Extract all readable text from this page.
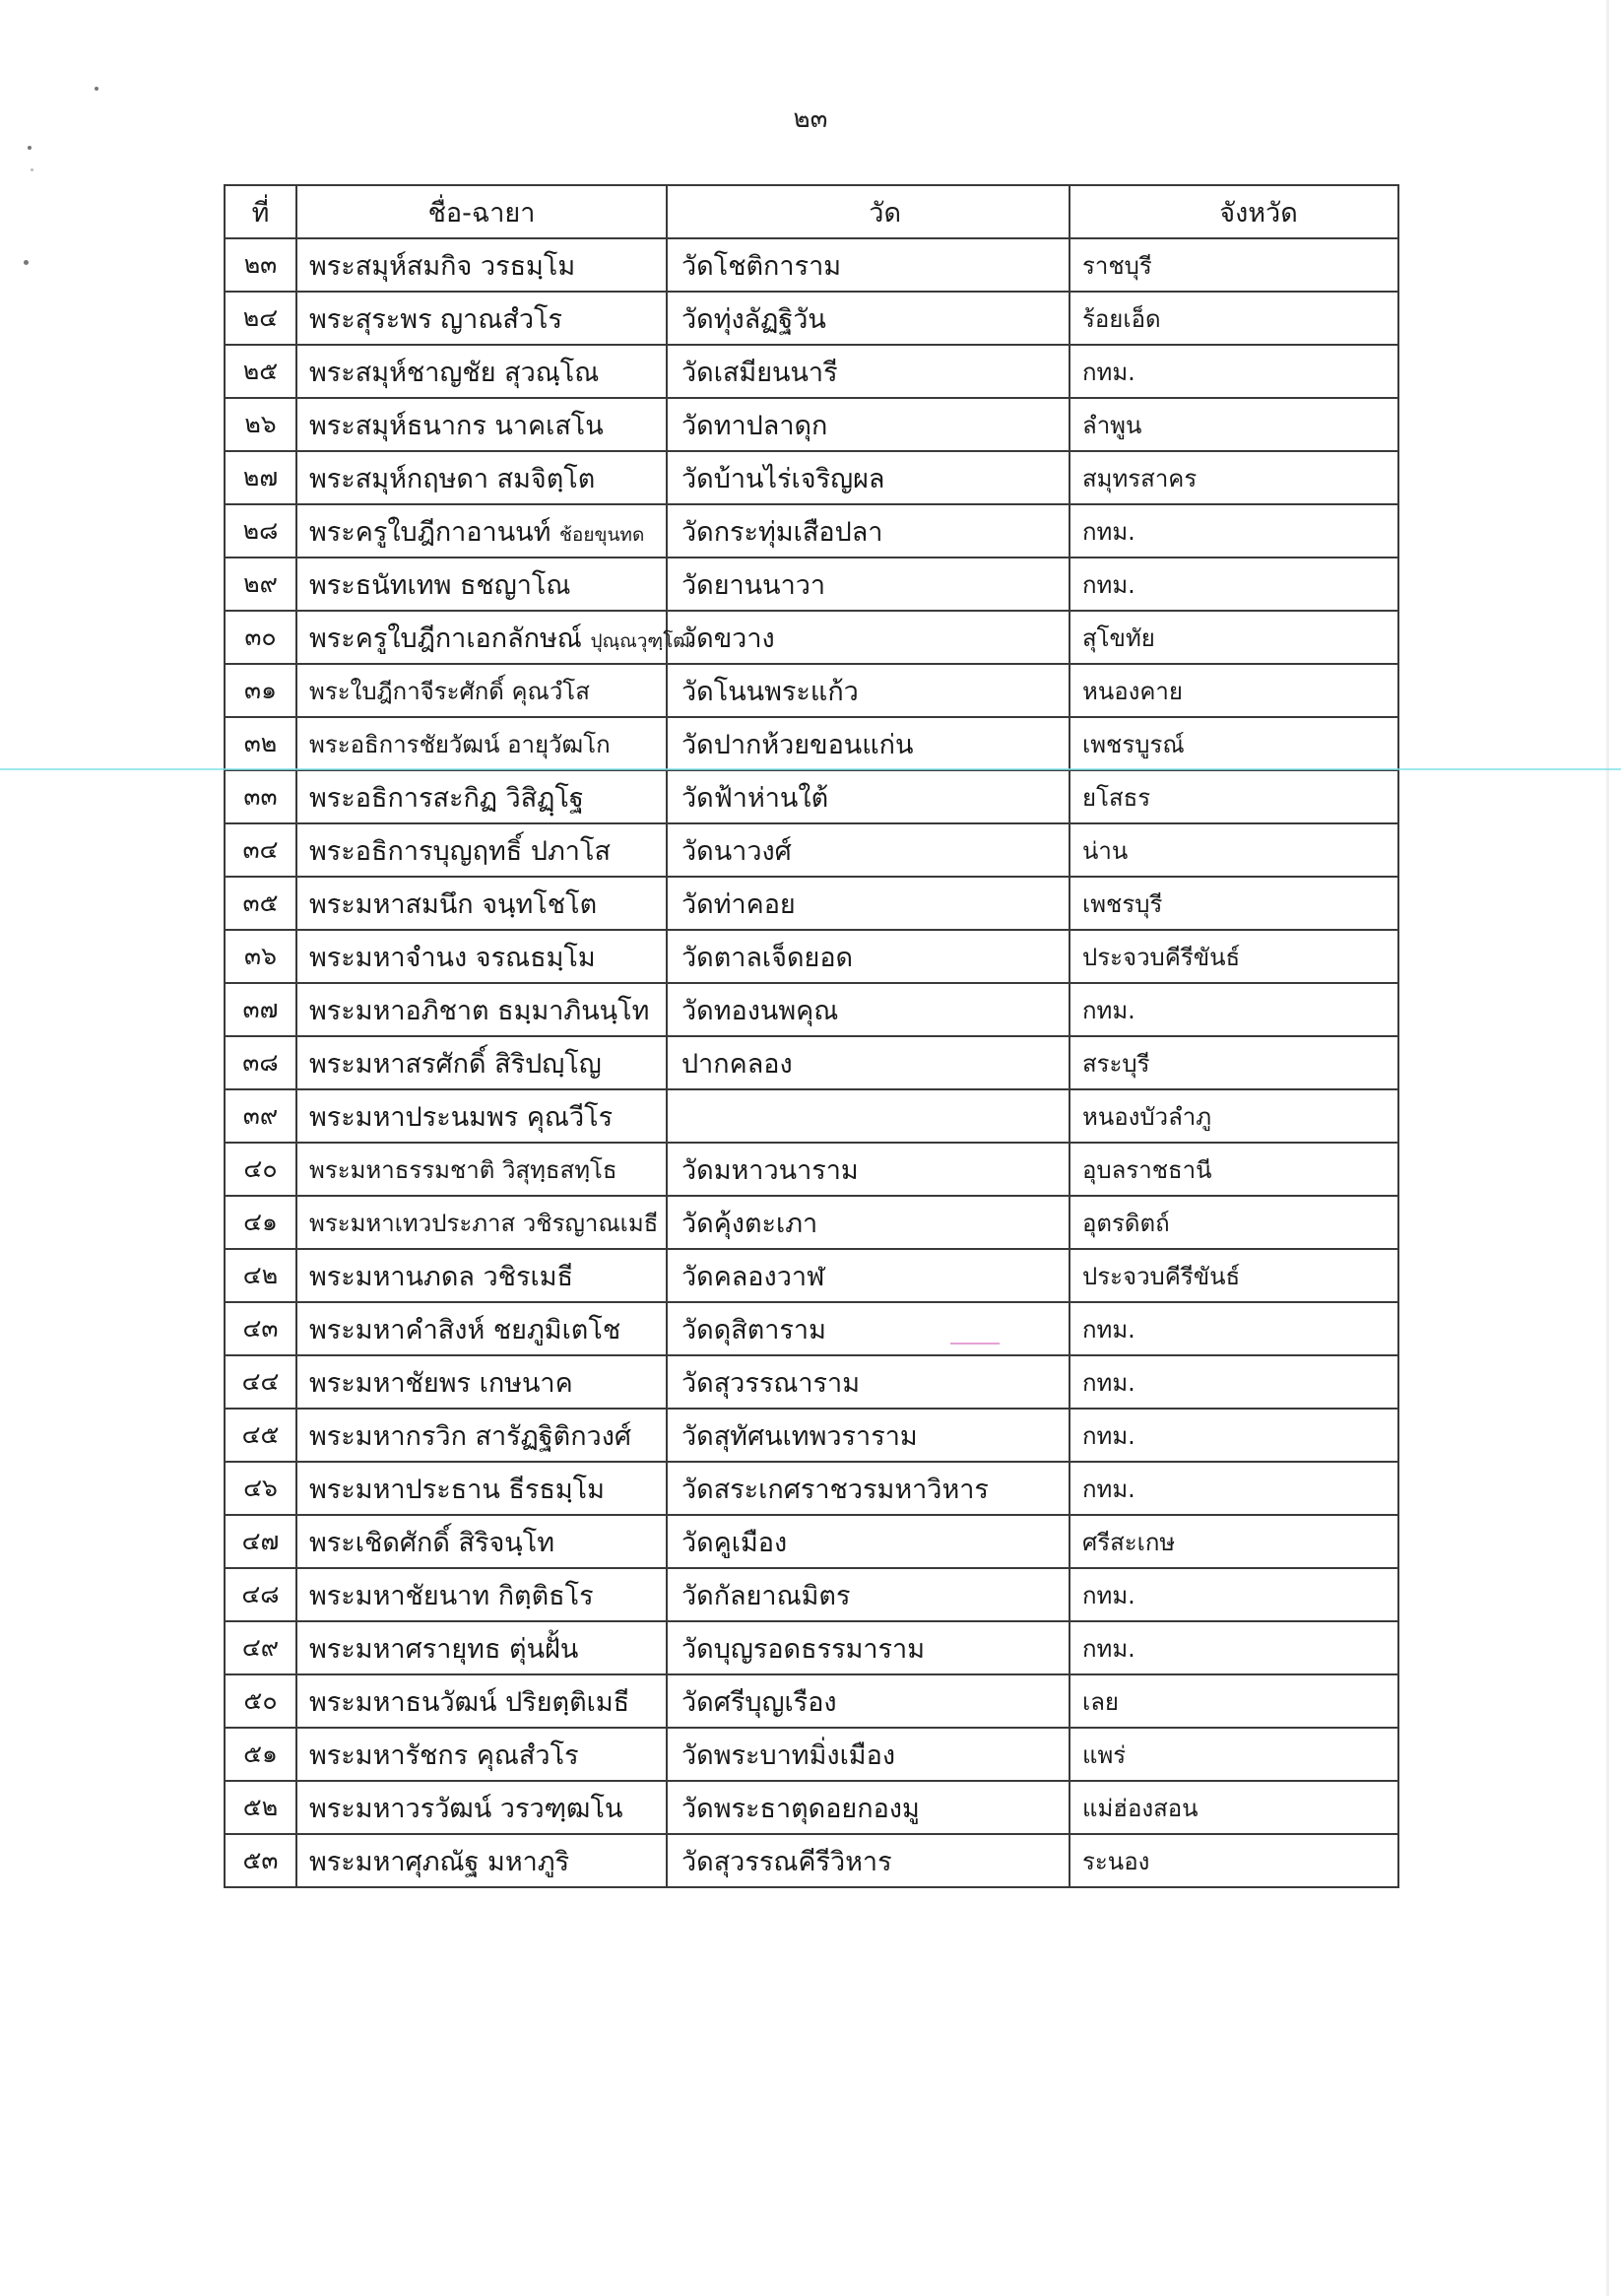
๒๓
ที่	ชื่อ-ฉายา	วัด	จังหวัด
๒๓	พระสมุห์สมกิจ วรธมฺโม	วัดโชติการาม	ราชบุรี
๒๔	พระสุระพร ญาณสํวโร	วัดทุ่งลัฏฐิวัน	ร้อยเอ็ด
๒๕	พระสมุห์ชาญชัย สุวณฺโณ	วัดเสมียนนารี	กทม.
๒๖	พระสมุห์ธนากร นาคเสโน	วัดทาปลาดุก	ลำพูน
๒๗	พระสมุห์กฤษดา สมจิตฺโต	วัดบ้านไร่เจริญผล	สมุทรสาคร
๒๘	พระครูใบฎีกาอานนท์ ช้อยขุนทด	วัดกระทุ่มเสือปลา	กทม.
๒๙	พระธนัทเทพ ธชญาโณ	วัดยานนาวา	กทม.
๓๐	พระครูใบฎีกาเอกลักษณ์ ปุณฺณวุฑฺโฒ	วัดขวาง	สุโขทัย
๓๑	พระใบฎีกาจีระศักดิ์ คุณวํโส	วัดโนนพระแก้ว	หนองคาย
๓๒	พระอธิการชัยวัฒน์ อายุวัฒโก	วัดปากห้วยขอนแก่น	เพชรบูรณ์
๓๓	พระอธิการสะกิฏ วิสิฏฺโฐ	วัดฟ้าห่านใต้	ยโสธร
๓๔	พระอธิการบุญฤทธิ์ ปภาโส	วัดนาวงศ์	น่าน
๓๕	พระมหาสมนึก จนฺทโชโต	วัดท่าคอย	เพชรบุรี
๓๖	พระมหาจำนง จรณธมฺโม	วัดตาลเจ็ดยอด	ประจวบคีรีขันธ์
๓๗	พระมหาอภิชาต ธมฺมาภินนฺโท	วัดทองนพคุณ	กทม.
๓๘	พระมหาสรศักดิ์ สิริปญฺโญ	ปากคลอง	สระบุรี
๓๙	พระมหาประนมพร คุณวีโร		หนองบัวลำภู
๔๐	พระมหาธรรมชาติ วิสุทฺธสทฺโธ	วัดมหาวนาราม	อุบลราชธานี
๔๑	พระมหาเทวประภาส วชิรญาณเมธี	วัดคุ้งตะเภา	อุตรดิตถ์
๔๒	พระมหานภดล วชิรเมธี	วัดคลองวาฬ	ประจวบคีรีขันธ์
๔๓	พระมหาคำสิงห์ ชยภูมิเตโช	วัดดุสิตาราม	กทม.
๔๔	พระมหาชัยพร เกษนาค	วัดสุวรรณาราม	กทม.
๔๕	พระมหากรวิก สารัฏฐิติกวงศ์	วัดสุทัศนเทพวราราม	กทม.
๔๖	พระมหาประธาน ธีรธมฺโม	วัดสระเกศราชวรมหาวิหาร	กทม.
๔๗	พระเชิดศักดิ์ สิริจนฺโท	วัดคูเมือง	ศรีสะเกษ
๔๘	พระมหาชัยนาท กิตฺติธโร	วัดกัลยาณมิตร	กทม.
๔๙	พระมหาศรายุทธ ตุ่นฝั้น	วัดบุญรอดธรรมาราม	กทม.
๕๐	พระมหาธนวัฒน์ ปริยตฺติเมธี	วัดศรีบุญเรือง	เลย
๕๑	พระมหารัชกร คุณสํวโร	วัดพระบาทมิ่งเมือง	แพร่
๕๒	พระมหาวรวัฒน์ วรวฑฺฒโน	วัดพระธาตุดอยกองมู	แม่ฮ่องสอน
๕๓	พระมหาศุภณัฐ มหาภูริ	วัดสุวรรณคีรีวิหาร	ระนอง
